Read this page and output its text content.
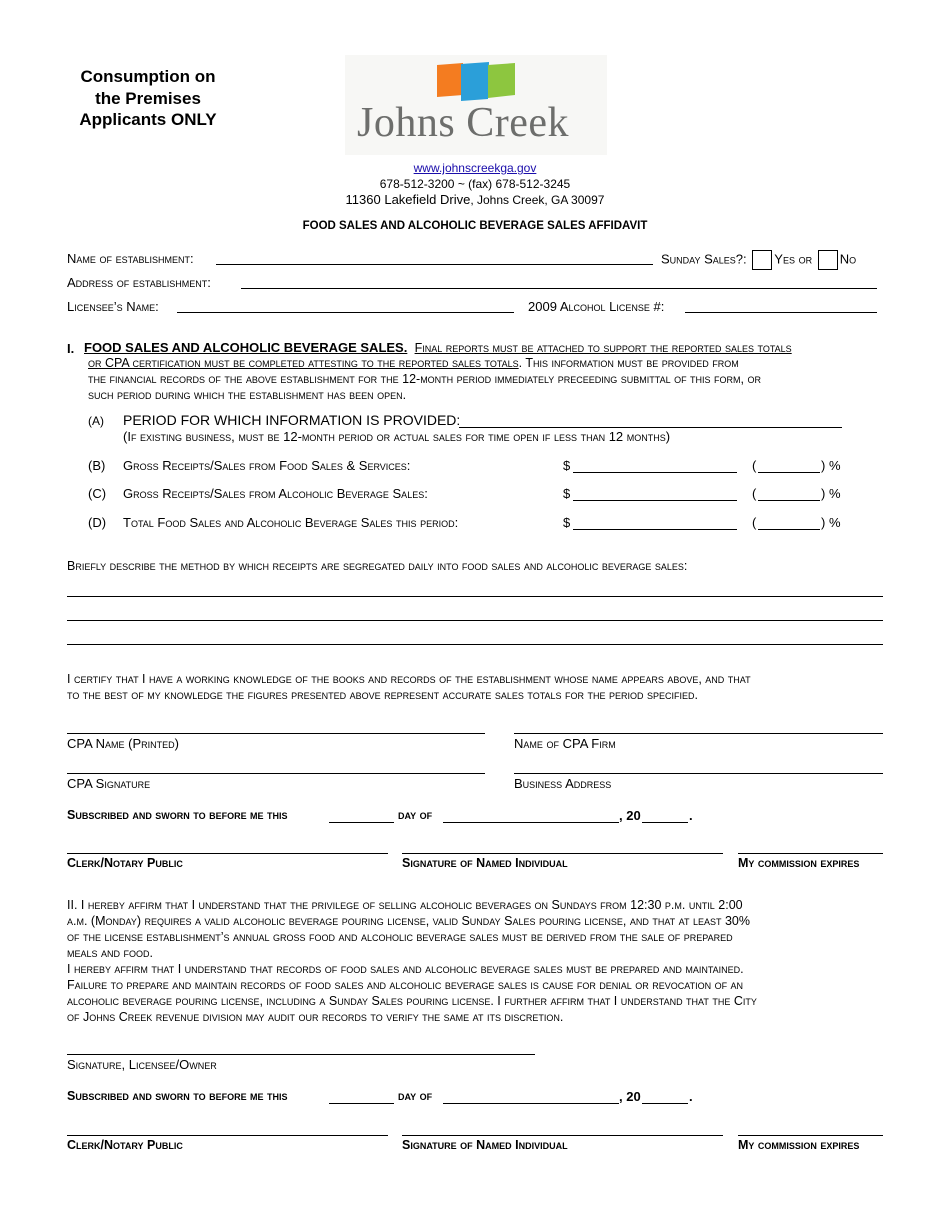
Consumption on
the Premises
Applicants ONLY	Johns Creek
www.johnscreekga.gov
678-512-3200 ~ (fax) 678-512-3245
11360 Lakefield Drive, Johns Creek, GA 30097
FOOD SALES AND ALCOHOLIC BEVERAGE SALES AFFIDAVIT
Name of establishment:	Sunday Sales?: Yes or No
Address of establishment:
Licensee’s Name:	2009 Alcohol License #:
I. FOOD SALES AND ALCOHOLIC BEVERAGE SALES. Final reports must be attached to support the reported sales totals
or CPA certification must be completed attesting to the reported sales totals. This information must be provided from
the financial records of the above establishment for the 12-month period immediately preceeding submittal of this form, or
such period during which the establishment has been open.
(A) PERIOD FOR WHICH INFORMATION IS PROVIDED:
(If existing business, must be 12-month period or actual sales for time open if less than 12 months)
(B) Gross Receipts/Sales from Food Sales & Services:	$	(	) %
(C) Gross Receipts/Sales from Alcoholic Beverage Sales:	$	(	) %
(D) Total Food Sales and Alcoholic Beverage Sales this period:	$	(	) %
Briefly describe the method by which receipts are segregated daily into food sales and alcoholic beverage sales:
I certify that I have a working knowledge of the books and records of the establishment whose name appears above, and that
to the best of my knowledge the figures presented above represent accurate sales totals for the period specified.
CPA Name (Printed)	Name of CPA Firm
CPA Signature	Business Address
Subscribed and sworn to before me this	day of	, 20	.
Clerk/Notary Public	Signature of Named Individual	My commission expires
II. I hereby affirm that I understand that the privilege of selling alcoholic beverages on Sundays from 12:30 p.m. until 2:00
a.m. (Monday) requires a valid alcoholic beverage pouring license, valid Sunday Sales pouring license, and that at least 30%
of the license establishment’s annual gross food and alcoholic beverage sales must be derived from the sale of prepared
meals and food.
I hereby affirm that I understand that records of food sales and alcoholic beverage sales must be prepared and maintained.
Failure to prepare and maintain records of food sales and alcoholic beverage sales is cause for denial or revocation of an
alcoholic beverage pouring license, including a Sunday Sales pouring license. I further affirm that I understand that the City
of Johns Creek revenue division may audit our records to verify the same at its discretion.
Signature, Licensee/Owner
Subscribed and sworn to before me this	day of	, 20	.
Clerk/Notary Public	Signature of Named Individual	My commission expires
